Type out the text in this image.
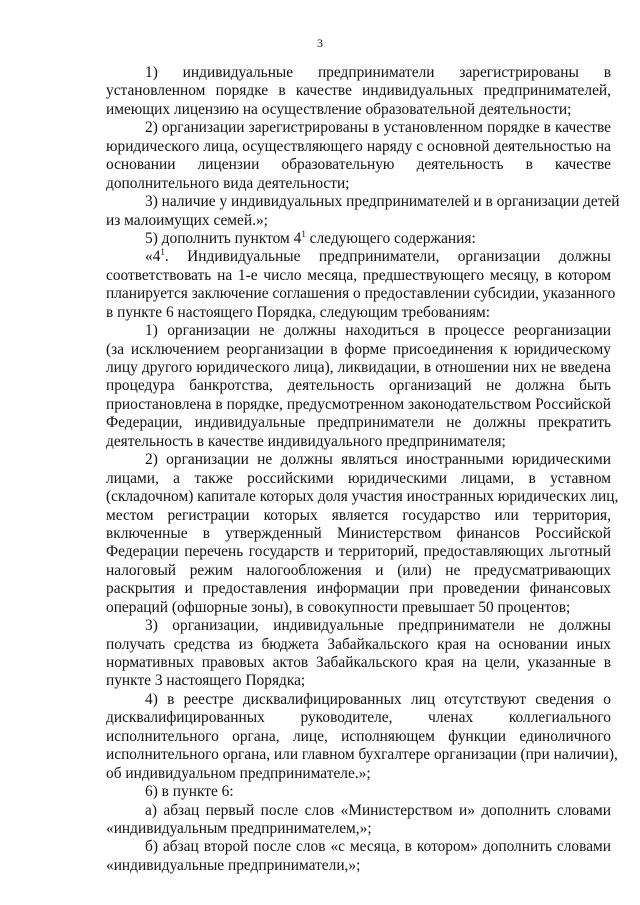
3
1) индивидуальные предприниматели зарегистрированы в
установленном порядке в качестве индивидуальных предпринимателей,
имеющих лицензию на осуществление образовательной деятельности;
2) организации зарегистрированы в установленном порядке в качестве
юридического лица, осуществляющего наряду с основной деятельностью на
основании лицензии образовательную деятельность в качестве
дополнительного вида деятельности;
3) наличие у индивидуальных предпринимателей и в организации детей
из малоимущих семей.»;
5) дополнить пунктом $4^1$ следующего содержания:
«$4^1$. Индивидуальные предприниматели, организации должны
соответствовать на 1-е число месяца, предшествующего месяцу, в котором
планируется заключение соглашения о предоставлении субсидии, указанного
в пункте 6 настоящего Порядка, следующим требованиям:
1) организации не должны находиться в процессе реорганизации
(за исключением реорганизации в форме присоединения к юридическому
лицу другого юридического лица), ликвидации, в отношении них не введена
процедура банкротства, деятельность организаций не должна быть
приостановлена в порядке, предусмотренном законодательством Российской
Федерации, индивидуальные предприниматели не должны прекратить
деятельность в качестве индивидуального предпринимателя;
2) организации не должны являться иностранными юридическими
лицами, а также российскими юридическими лицами, в уставном
(складочном) капитале которых доля участия иностранных юридических лиц,
местом регистрации которых является государство или территория,
включенные в утвержденный Министерством финансов Российской
Федерации перечень государств и территорий, предоставляющих льготный
налоговый режим налогообложения и (или) не предусматривающих
раскрытия и предоставления информации при проведении финансовых
операций (офшорные зоны), в совокупности превышает 50 процентов;
3) организации, индивидуальные предприниматели не должны
получать средства из бюджета Забайкальского края на основании иных
нормативных правовых актов Забайкальского края на цели, указанные в
пункте 3 настоящего Порядка;
4) в реестре дисквалифицированных лиц отсутствуют сведения о
дисквалифицированных руководителе, членах коллегиального
исполнительного органа, лице, исполняющем функции единоличного
исполнительного органа, или главном бухгалтере организации (при наличии),
об индивидуальном предпринимателе.»;
6) в пункте 6:
а) абзац первый после слов «Министерством и» дополнить словами
«индивидуальным предпринимателем,»;
б) абзац второй после слов «с месяца, в котором» дополнить словами
«индивидуальные предприниматели,»;
